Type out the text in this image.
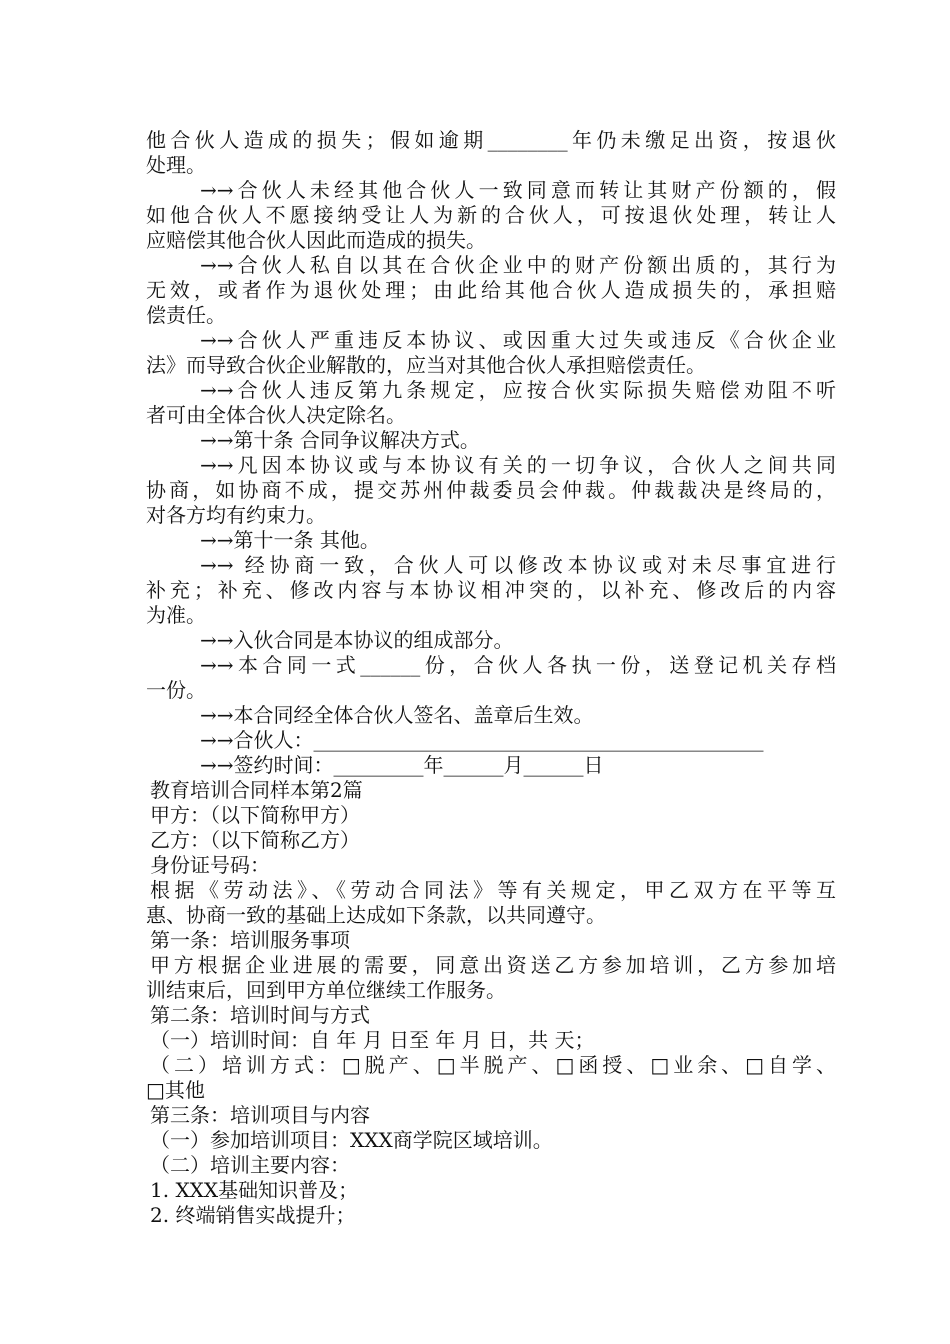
他合伙人造成的损失；假如逾期________年仍未缴足出资，按退伙
处理。
→→合伙人未经其他合伙人一致同意而转让其财产份额的，假
如他合伙人不愿接纳受让人为新的合伙人，可按退伙处理，转让人
应赔偿其他合伙人因此而造成的损失。
→→合伙人私自以其在合伙企业中的财产份额出质的，其行为
无效，或者作为退伙处理；由此给其他合伙人造成损失的，承担赔
偿责任。
→→合伙人严重违反本协议、或因重大过失或违反《合伙企业
法》而导致合伙企业解散的，应当对其他合伙人承担赔偿责任。
→→合伙人违反第九条规定，应按合伙实际损失赔偿劝阻不听
者可由全体合伙人决定除名。
→→第十条 合同争议解决方式。
→→凡因本协议或与本协议有关的一切争议，合伙人之间共同
协商，如协商不成，提交苏州仲裁委员会仲裁。仲裁裁决是终局的，
对各方均有约束力。
→→第十一条 其他。
→→ 经协商一致，合伙人可以修改本协议或对未尽事宜进行
补充；补充、修改内容与本协议相冲突的，以补充、修改后的内容
为准。
→→入伙合同是本协议的组成部分。
→→本合同一式______份，合伙人各执一份，送登记机关存档
一份。
→→本合同经全体合伙人签名、盖章后生效。
→→合伙人：_____________________________________________
→→签约时间：_________年______月______日
教育培训合同样本第2篇
甲方：（以下简称甲方）
乙方：（以下简称乙方）
身份证号码：
根据《劳动法》、《劳动合同法》等有关规定，甲乙双方在平等互
惠、协商一致的基础上达成如下条款，以共同遵守。
第一条：培训服务事项
甲方根据企业进展的需要，同意出资送乙方参加培训，乙方参加培
训结束后，回到甲方单位继续工作服务。
第二条：培训时间与方式
（一）培训时间：自 年 月 日至 年 月 日，共 天；
（二）培训方式：□脱产、□半脱产、□函授、□业余、□自学、
□其他
第三条：培训项目与内容
（一）参加培训项目：XXX商学院区域培训。
（二）培训主要内容：
1. XXX基础知识普及；
2. 终端销售实战提升；
